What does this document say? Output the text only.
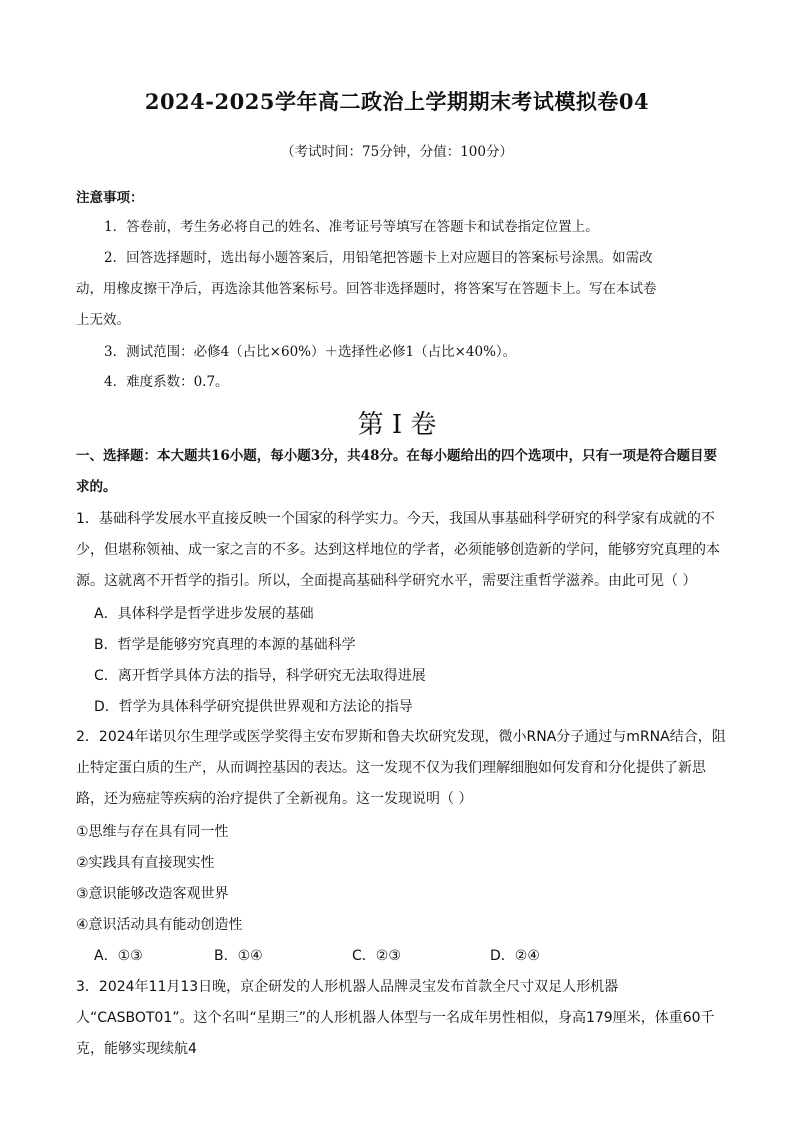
2024-2025学年高二政治上学期期末考试模拟卷04
（考试时间：75分钟，分值：100分）
注意事项：
1．答卷前，考生务必将自己的姓名、准考证号等填写在答题卡和试卷指定位置上。
2．回答选择题时，选出每小题答案后，用铅笔把答题卡上对应题目的答案标号涂黑。如需改动，用橡皮擦干净后，再选涂其他答案标号。回答非选择题时，将答案写在答题卡上。写在本试卷上无效。
3．测试范围：必修4（占比×60%）＋选择性必修1（占比×40%）。
4．难度系数：0.7。
第 I 卷
一、选择题：本大题共16小题，每小题3分，共48分。在每小题给出的四个选项中，只有一项是符合题目要求的。
1．基础科学发展水平直接反映一个国家的科学实力。今天，我国从事基础科学研究的科学家有成就的不少，但堪称领袖、成一家之言的不多。达到这样地位的学者，必须能够创造新的学问，能够穷究真理的本源。这就离不开哲学的指引。所以，全面提高基础科学研究水平，需要注重哲学滋养。由此可见（ ）
A．具体科学是哲学进步发展的基础
B．哲学是能够穷究真理的本源的基础科学
C．离开哲学具体方法的指导，科学研究无法取得进展
D．哲学为具体科学研究提供世界观和方法论的指导
2．2024年诺贝尔生理学或医学奖得主安布罗斯和鲁夫坎研究发现，微小RNA分子通过与mRNA结合，阻止特定蛋白质的生产，从而调控基因的表达。这一发现不仅为我们理解细胞如何发育和分化提供了新思路，还为癌症等疾病的治疗提供了全新视角。这一发现说明（ ）
①思维与存在具有同一性
②实践具有直接现实性
③意识能够改造客观世界
④意识活动具有能动创造性
A．①③	B．①④	C．②③	D．②④
3．2024年11月13日晚，京企研发的人形机器人品牌灵宝发布首款全尺寸双足人形机器人“CASBOT01”。这个名叫“星期三”的人形机器人体型与一名成年男性相似，身高179厘米，体重60千克，能够实现续航4
